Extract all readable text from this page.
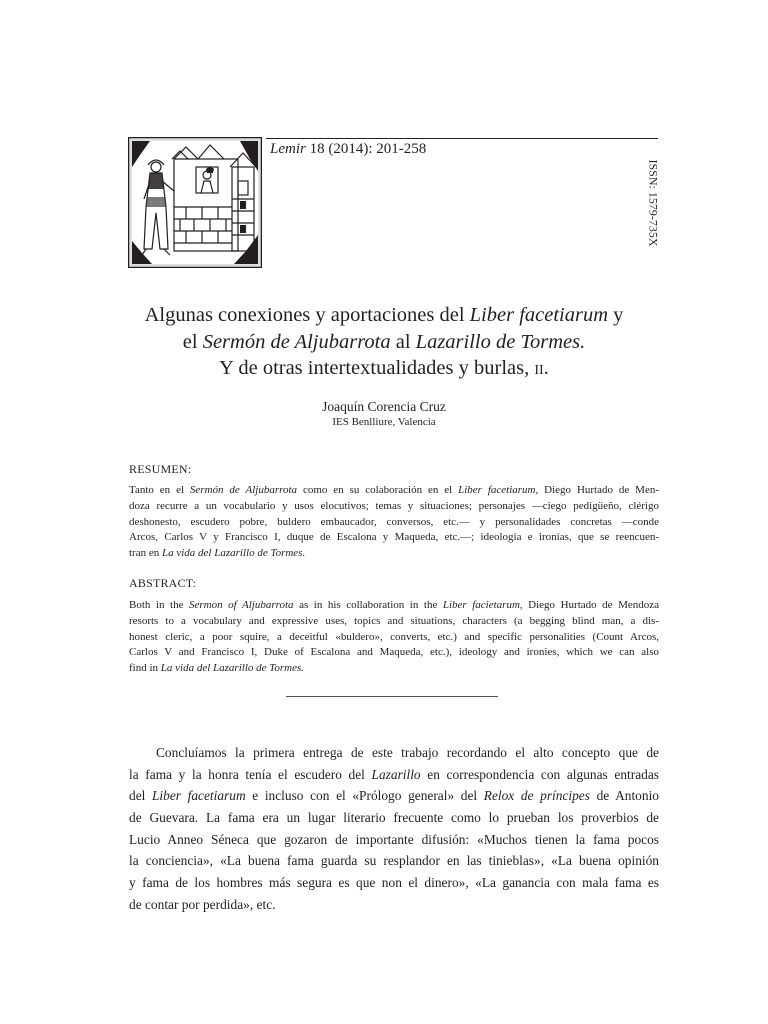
Lemir 18 (2014): 201-258
ISSN: 1579-735X
Algunas conexiones y aportaciones del Liber facetiarum y
el Sermón de Aljubarrota al Lazarillo de Tormes.
Y de otras intertextualidades y burlas, ii.
Joaquín Corencia Cruz
IES Benlliure, Valencia
RESUMEN:
Tanto en el Sermón de Aljubarrota como en su colaboración en el Liber facetiarum, Diego Hurtado de Men-
doza recurre a un vocabulario y usos elocutivos; temas y situaciones; personajes —ciego pedigüeño, clérigo
deshonesto, escudero pobre, buldero embaucador, conversos, etc.— y personalidades concretas —conde
Arcos, Carlos V y Francisco I, duque de Escalona y Maqueda, etc.—; ideología e ironías, que se reencuen-
tran en La vida del Lazarillo de Tormes.
ABSTRACT:
Both in the Sermon of Aljubarrota as in his collaboration in the Liber facietarum, Diego Hurtado de Mendoza
resorts to a vocabulary and expressive uses, topics and situations, characters (a begging blind man, a dis-
honest cleric, a poor squire, a deceitful «buldero», converts, etc.) and specific personalities (Count Arcos,
Carlos V and Francisco I, Duke of Escalona and Maqueda, etc.), ideology and ironies, which we can also
find in La vida del Lazarillo de Tormes.
Concluíamos la primera entrega de este trabajo recordando el alto concepto que de
la fama y la honra tenía el escudero del Lazarillo en correspondencia con algunas entradas
del Liber facetiarum e incluso con el «Prólogo general» del Relox de príncipes de Antonio
de Guevara. La fama era un lugar literario frecuente como lo prueban los proverbios de
Lucio Anneo Séneca que gozaron de importante difusión: «Muchos tienen la fama pocos
la conciencia», «La buena fama guarda su resplandor en las tinieblas», «La buena opinión
y fama de los hombres más segura es que non el dinero», «La ganancia con mala fama es
de contar por perdida», etc.
